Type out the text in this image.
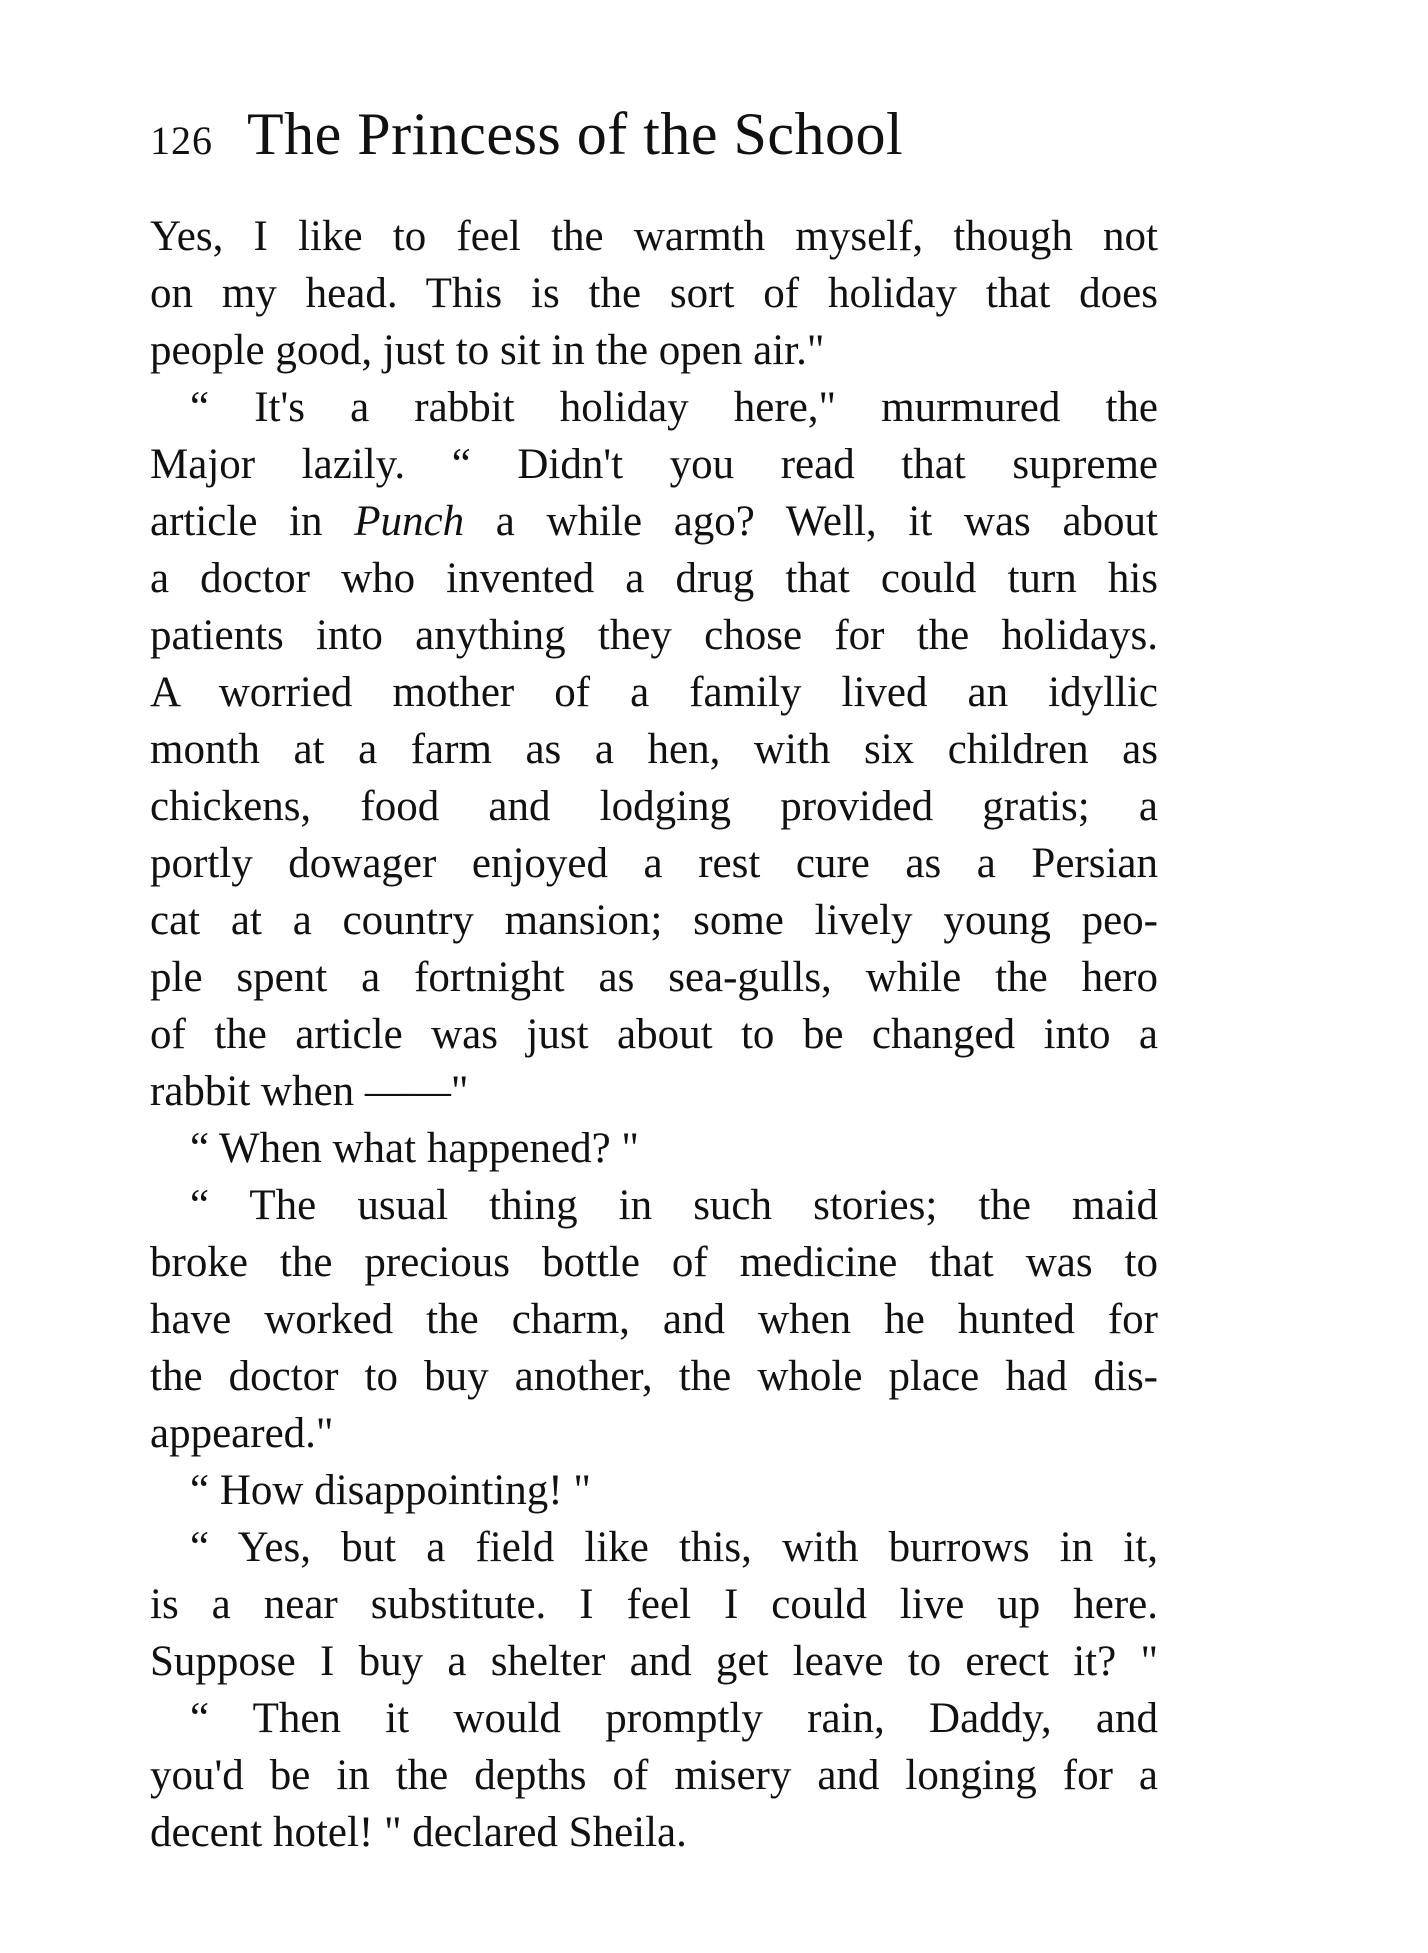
126 The Princess of the School
Yes, I like to feel the warmth myself, though not
on my head. This is the sort of holiday that does
people good, just to sit in the open air."
“ It's a rabbit holiday here," murmured the
Major lazily. “ Didn't you read that supreme
article in Punch a while ago? Well, it was about
a doctor who invented a drug that could turn his
patients into anything they chose for the holidays.
A worried mother of a family lived an idyllic
month at a farm as a hen, with six children as
chickens, food and lodging provided gratis; a
portly dowager enjoyed a rest cure as a Persian
cat at a country mansion; some lively young peo-
ple spent a fortnight as sea-gulls, while the hero
of the article was just about to be changed into a
rabbit when ——"
“ When what happened? "
“ The usual thing in such stories; the maid
broke the precious bottle of medicine that was to
have worked the charm, and when he hunted for
the doctor to buy another, the whole place had dis-
appeared."
“ How disappointing! "
“ Yes, but a field like this, with burrows in it,
is a near substitute. I feel I could live up here.
Suppose I buy a shelter and get leave to erect it? "
“ Then it would promptly rain, Daddy, and
you'd be in the depths of misery and longing for a
decent hotel! " declared Sheila.
